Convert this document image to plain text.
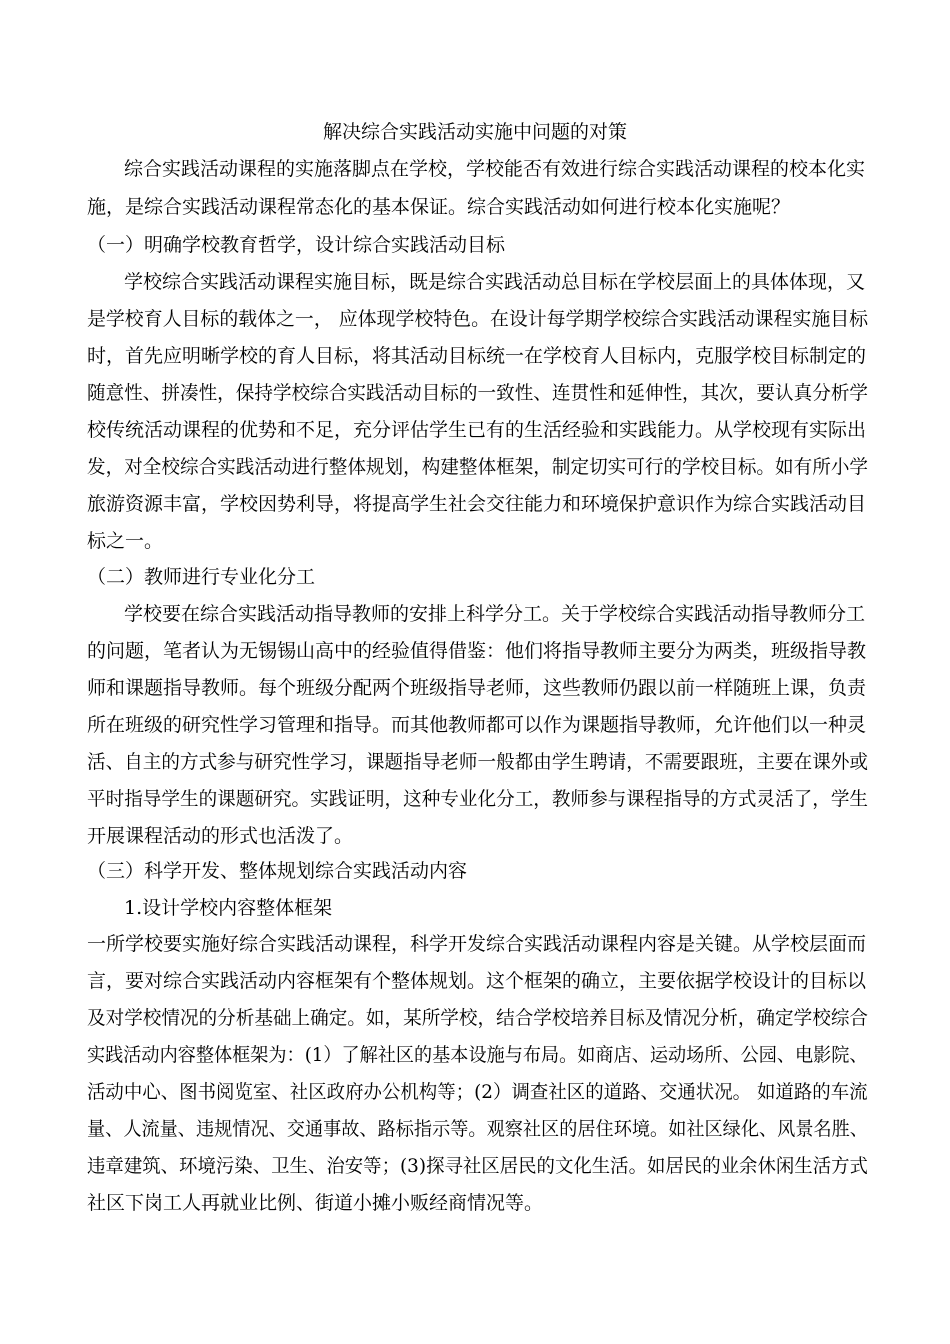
解决综合实践活动实施中问题的对策
综合实践活动课程的实施落脚点在学校，学校能否有效进行综合实践活动课程的校本化实
施，是综合实践活动课程常态化的基本保证。综合实践活动如何进行校本化实施呢？
（一）明确学校教育哲学，设计综合实践活动目标
学校综合实践活动课程实施目标，既是综合实践活动总目标在学校层面上的具体体现，又
是学校育人目标的载体之一， 应体现学校特色。在设计每学期学校综合实践活动课程实施目标
时，首先应明晰学校的育人目标，将其活动目标统一在学校育人目标内，克服学校目标制定的
随意性、拼凑性，保持学校综合实践活动目标的一致性、连贯性和延伸性，其次，要认真分析学
校传统活动课程的优势和不足，充分评估学生已有的生活经验和实践能力。从学校现有实际出
发，对全校综合实践活动进行整体规划，构建整体框架，制定切实可行的学校目标。如有所小学
旅游资源丰富，学校因势利导，将提高学生社会交往能力和环境保护意识作为综合实践活动目
标之一。
（二）教师进行专业化分工
学校要在综合实践活动指导教师的安排上科学分工。关于学校综合实践活动指导教师分工
的问题，笔者认为无锡锡山高中的经验值得借鉴：他们将指导教师主要分为两类，班级指导教
师和课题指导教师。每个班级分配两个班级指导老师，这些教师仍跟以前一样随班上课，负责
所在班级的研究性学习管理和指导。而其他教师都可以作为课题指导教师，允许他们以一种灵
活、自主的方式参与研究性学习，课题指导老师一般都由学生聘请，不需要跟班，主要在课外或
平时指导学生的课题研究。实践证明，这种专业化分工，教师参与课程指导的方式灵活了，学生
开展课程活动的形式也活泼了。
（三）科学开发、整体规划综合实践活动内容
1.设计学校内容整体框架
一所学校要实施好综合实践活动课程，科学开发综合实践活动课程内容是关键。从学校层面而
言，要对综合实践活动内容框架有个整体规划。这个框架的确立，主要依据学校设计的目标以
及对学校情况的分析基础上确定。如，某所学校，结合学校培养目标及情况分析，确定学校综合
实践活动内容整体框架为：(1）了解社区的基本设施与布局。如商店、运动场所、公园、电影院、
活动中心、图书阅览室、社区政府办公机构等；(2）调查社区的道路、交通状况。 如道路的车流
量、人流量、违规情况、交通事故、路标指示等。观察社区的居住环境。如社区绿化、风景名胜、
违章建筑、环境污染、卫生、治安等；(3)探寻社区居民的文化生活。如居民的业余休闲生活方式
社区下岗工人再就业比例、街道小摊小贩经商情况等。
